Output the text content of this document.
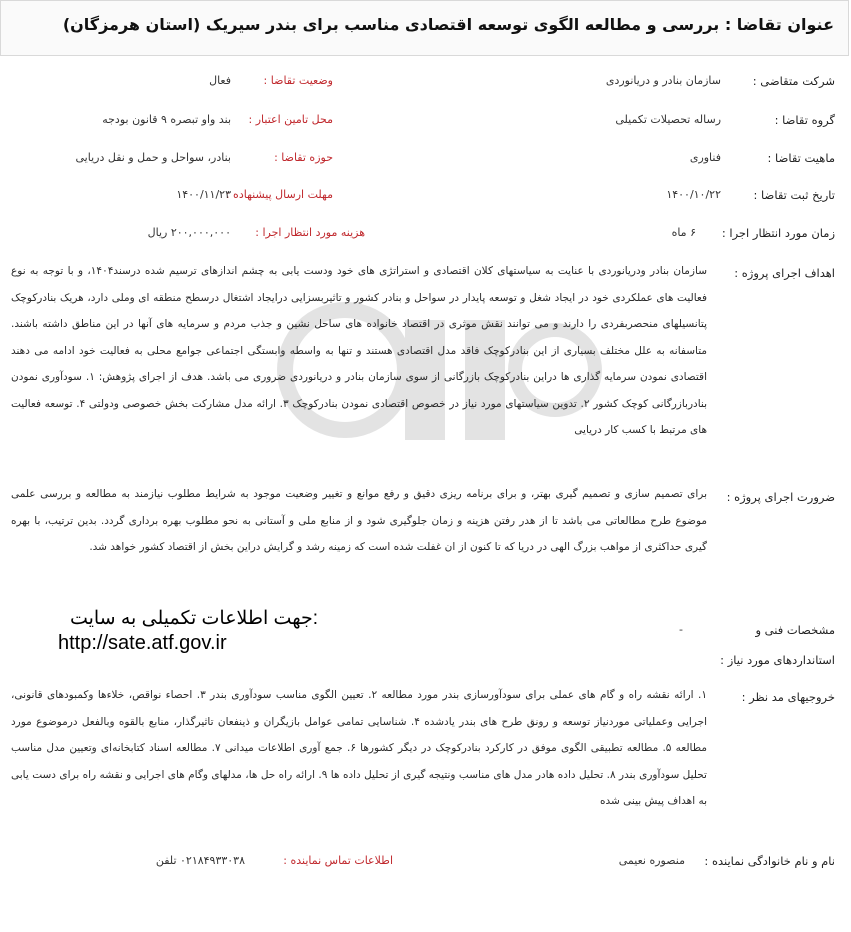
عنوان تقاضا : بررسی و مطالعه الگوی توسعه اقتصادی مناسب برای بندر سیریک (استان هرمزگان)
شرکت متقاضی :
سازمان بنادر و دریانوردی
وضعیت تقاضا :
فعال
گروه تقاضا :
رساله تحصیلات تکمیلی
محل تامین اعتبار :
بند واو تبصره ۹ قانون بودجه
ماهیت تقاضا :
فناوری
حوزه تقاضا :
بنادر، سواحل و حمل و نقل دریایی
تاریخ ثبت تقاضا :
۱۴۰۰/۱۰/۲۲
مهلت ارسال پیشنهاده :
۱۴۰۰/۱۱/۲۳
زمان مورد انتظار اجرا :
۶ ماه
هزینه مورد انتظار اجرا :
۲۰۰,۰۰۰,۰۰۰ ریال
اهداف اجرای پروژه :
سازمان بنادر ودریانوردی با عنایت به سیاستهای کلان اقتصادی و استراتژی های خود ودست یابی به چشم اندازهای ترسیم شده درسند۱۴۰۴، و با توجه به نوع فعالیت های عملکردی خود در ایجاد شغل و توسعه پایدار در سواحل و بنادر کشور و تاثیربسزایی درایجاد اشتغال درسطح منطقه ای وملی دارد، هریک بنادرکوچک پتانسیلهای منحصربفردی را دارند و می توانند نقش موثری در اقتصاد خانواده های ساحل نشین و جذب مردم و سرمایه های آنها در این مناطق داشته باشند. متاسفانه به علل مختلف بسیاری از این بنادرکوچک فاقد مدل اقتصادی هستند و تنها به واسطه وابستگی اجتماعی جوامع محلی به فعالیت خود ادامه می دهند اقتصادی نمودن سرمایه گذاری ها دراین بنادرکوچک بازرگانی از سوی سازمان بنادر و دریانوردی ضروری می باشد. هدف از اجرای پژوهش: ۱. سودآوری نمودن بنادربازرگانی کوچک کشور ۲. تدوین سیاستهای مورد نیاز در خصوص اقتصادی نمودن بنادرکوچک ۳. ارائه مدل مشارکت بخش خصوصی ودولتی ۴. توسعه فعالیت های مرتبط با کسب کار دریایی
ضرورت اجرای پروژه :
برای تصمیم سازی و تصمیم گیری بهتر، و برای برنامه ریزی دقیق و رفع موانع و تغییر وضعیت موجود به شرایط مطلوب نیازمند به مطالعه و بررسی علمی موضوع طرح مطالعاتی می باشد تا از هدر رفتن هزینه و زمان جلوگیری شود و از منابع ملی و آستانی به نحو مطلوب بهره برداری گردد. بدین ترتیب، با بهره گیری حداکثری از مواهب بزرگ الهی در دریا که تا کنون از ان غفلت شده است که زمینه رشد و گرایش دراین بخش از اقتصاد کشور خواهد شد.
مشخصات فنی و
استانداردهای مورد نیاز :
-
جهت اطلاعات تکمیلی به سایت:
http://sate.atf.gov.ir
خروجیهای مد نظر :
۱. ارائه نقشه راه و گام های عملی برای سودآورسازی بندر مورد مطالعه ۲. تعیین الگوی مناسب سودآوری بندر ۳. احصاء نواقص، خلاء‌ها وکمبودهای قانونی، اجرایی وعملیاتی موردنیاز توسعه و رونق طرح های بندر یادشده ۴. شناسایی تمامی عوامل بازیگران و ذینفعان تاثیرگذار، منابع بالقوه وبالفعل درموضوع مورد مطالعه ۵. مطالعه تطبیقی الگوی موفق در کارکرد بنادرکوچک در دیگر کشورها ۶. جمع آوری اطلاعات میدانی ۷. مطالعه اسناد کتابخانه‌ای وتعیین مدل مناسب تحلیل سودآوری بندر ۸. تحلیل داده هادر مدل های مناسب ونتیجه گیری از تحلیل داده ها ۹. ارائه راه حل ها، مدلهای وگام های اجرایی و نقشه راه برای دست یابی به اهداف پیش بینی شده
نام و نام خانوادگی نماینده :
منصوره نعیمی
اطلاعات تماس نماینده :
۰۲۱۸۴۹۳۳۰۳۸ تلفن
